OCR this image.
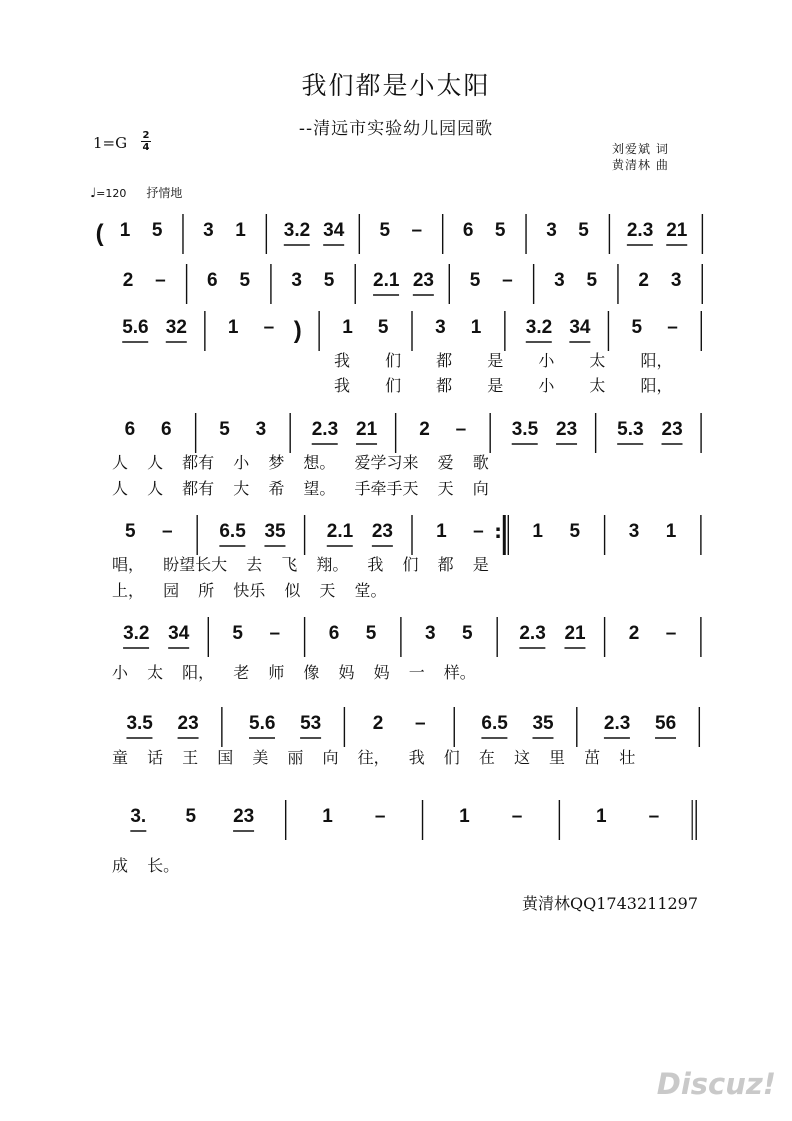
我们都是小太阳
--清远市实验幼儿园园歌
1=G 2
4	刘爱斌 词
黄清林 曲
♩=120 抒情地
( 1 5 3 1 3.2 34 5 – 6 5 3 5 2.3 21
2 – 6 5 3 5 2.1 23 5 – 3 5 2 3
5.6 32 1 – ) 1 5 3 1 3.2 34 5 –
我 们 都 是 小 太 阳，
我 们 都 是 小 太 阳，
6 6	5 3 2.3 21 2 – 3.5 23 5.3 23
人 人 都有 小 梦 想。 爱学习来 爱 歌
人 人 都有 大 希 望。 手牵手天 天 向
5 – 6.5 35 2.1 23 1 – : 1 5	3 1
唱， 盼望长大 去 飞 翔。 我 们 都 是
上， 园 所 快乐 似 天 堂。
3.2 34 5 –	6 5	3 5 2.3 21 2 –
小 太 阳， 老 师 像 妈 妈 一 样。
3.5 23	5.6 53	2 –	6.5 35	2.3 56
童 话 王 国 美 丽 向 往， 我 们 在 这 里 茁 壮
3. 5 23	1 –	1 –	1 –
成 长。
黄清林QQ1743211297
Discuz!
